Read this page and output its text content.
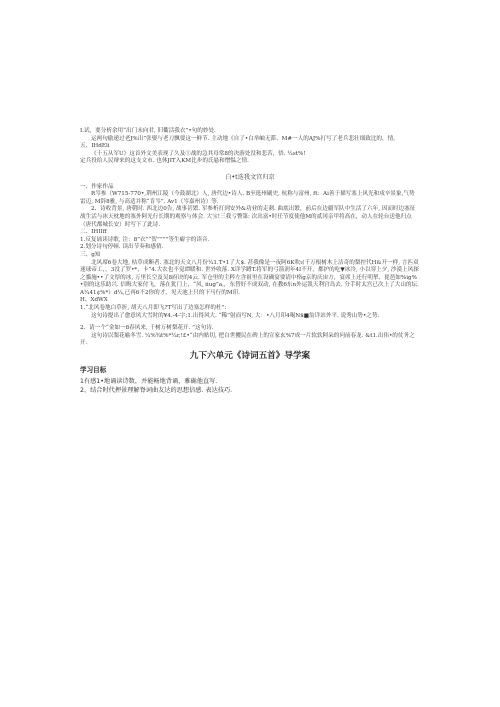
I.试，要分析余用“出门未向君, 旧衢活我衣”•句的妙处.

运两句偷递过老J%出”张娶与老刀飘要这一鲜节. 主动地《自了•白举岫无滞、M#一人的AJ%打写了老兵悲壮细致比的，情。

五、IHdEli

《十五从军U》这首外文美表现了久及①战的急其母常8的决游处没和悲苦，悟. ¼st%!

定兵役给人民辩来的这支文市. 也休JIT入KM比步的氏悬和憎愠之情.

白•t迭我文宫归京

一、作家作品

R岑参（W715-770•,荆州江陵（今鼓湖北）人, 唐代边•诗人. B至逛州刷史, 杭称与富州, ft：Ai善于描写塞上风光和戍卒景象,气势雷迈, M辞8雅, 与高适并称“肯岑”. Av1（岑嘉州诗）等.

2、诗收背景, 唐朝时. 西北边0告, 战事甚繁. 军参析打到安外&功业的走刺. 曲底出繁，前后在边疆军队中生活了六年, 因而时边塞征战生活与冰天枕地的塞外阿光行长期的观察与体会. 大宝!三我亏瞥第: 次出富•时任节度使他M的贰冈亲甲将高在，动人在轮台送他归点（唐代都城长安）时写下了此诗.

二、IHIIff

1.反复诵读诗歌, 注：8”衣”“贺””””等生癖字的读音.

2.划分诗句停顿. 读出节奏和感情.

三、g知

北风席6卷大地, 枯草成断者. 塞北的天文八月份¼1.T•1了大$. 甚我像是一夜阿6K吹ι(千万根树木上洁奇的梨控代H&开一样, 言匹双迷球帝工，，3没了罗•*，卡”4.大农也不觉谭暖和. 世外收落. X详学蹲T.将军的弓箭润年4I不开，都护的吃▼冰冷, 小以穿上夕, 沙漠上风探之貓施••了文厚的冰, 万里长空及吴8府诀的4云. 军仓里的主粹左含祖里在设确宴要请中格g京的庆宙方，宴席上还行明挈、琵琶如%ig%•别的这乐助兴. 信晦大家付飞，落在犹门上，“风, iiug”a,，东替好不成双动, 在教6东n外运凯天利宫岛去. 分手时太宫已次上了大山的坛. A¼41¢%*）d¼,已再6不2你的才，见天池上只的下马行的M印.

H、XdWX

1.“北风卷地白草折, 胡天八月即飞?T写出了边塞怎样的杜”:

这句诗提出了愈意风大雪时的¥4.-4-字;1.出得风大. “稀”射而写N, 大：•八月印4喝N$■翁详站外平. 说秀山势•之势.

2、请一个“金如一8春风来, 千树万树梨花开. ”这句诗.

这句诗以梨花喻冬雪. ¼%¾t%*¼r,!£•“由内贴切, 把白世攫民在碑上的宣家玄%7成一片软软阿朵的问前春龙. &t1.出伟•的仗务之开.

九下六单元《诗词五首》导学案

学习目标

1有感1•地诵读诗数，并能畅地背诵，雅确他直写.

2、结合时代押景理解脊词曲友达的思想信感. 表达技巧.
